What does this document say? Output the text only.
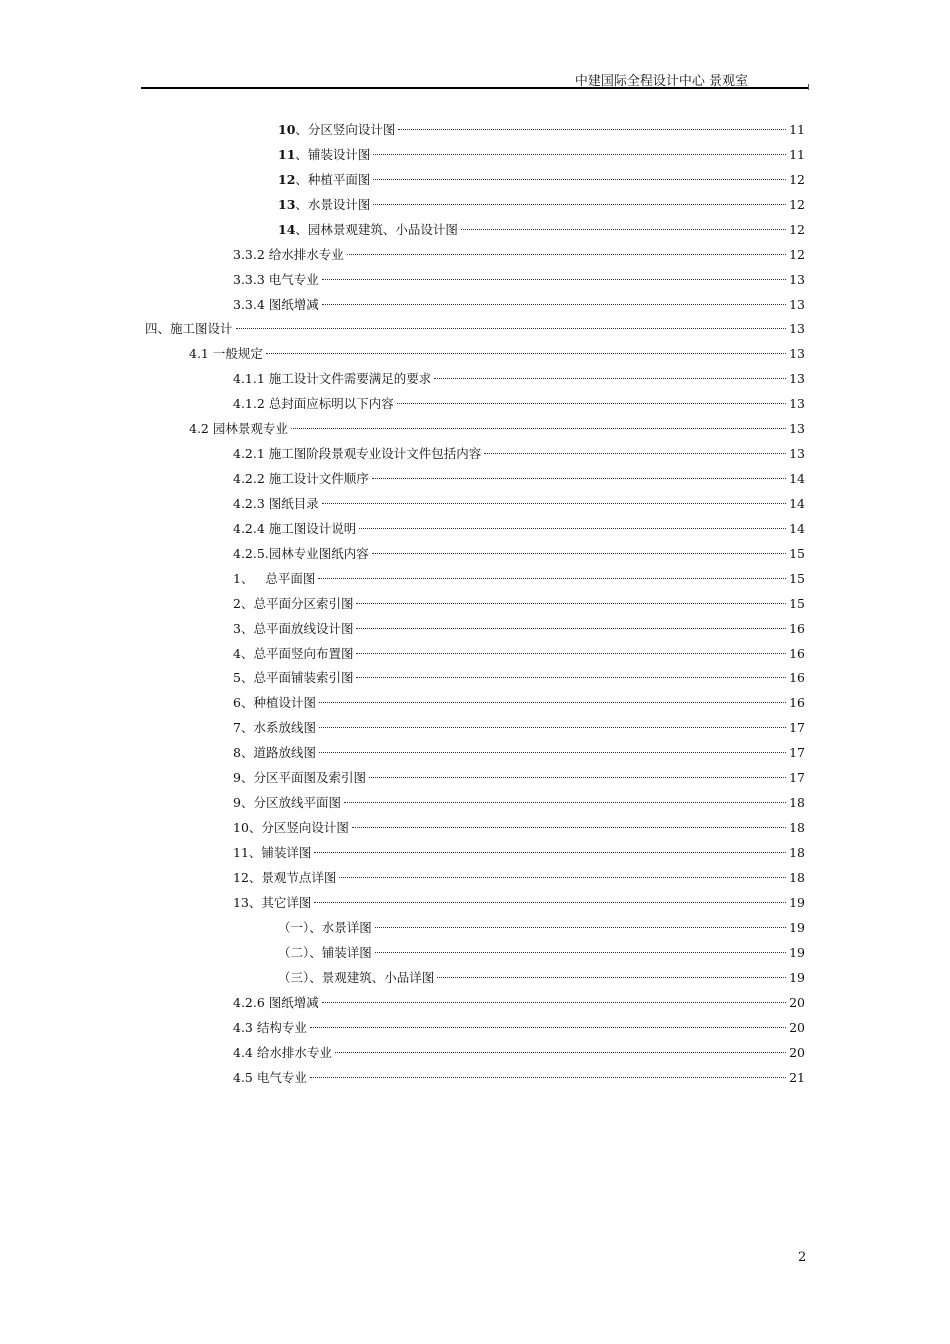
中建国际全程设计中心 景观室
10、分区竖向设计图	11
11、铺装设计图	11
12、种植平面图	12
13、水景设计图	12
14、园林景观建筑、小品设计图	12
3.3.2 给水排水专业	12
3.3.3 电气专业	13
3.3.4 图纸增减	13
四、施工图设计	13
4.1 一般规定	13
4.1.1 施工设计文件需要满足的要求	13
4.1.2 总封面应标明以下内容	13
4.2 园林景观专业	13
4.2.1 施工图阶段景观专业设计文件包括内容	13
4.2.2 施工设计文件顺序	14
4.2.3 图纸目录	14
4.2.4 施工图设计说明	14
4.2.5.园林专业图纸内容	15
1、   总平面图	15
2、总平面分区索引图	15
3、总平面放线设计图	16
4、总平面竖向布置图	16
5、总平面铺装索引图	16
6、种植设计图	16
7、水系放线图	17
8、道路放线图	17
9、分区平面图及索引图	17
9、分区放线平面图	18
10、分区竖向设计图	18
11、铺装详图	18
12、景观节点详图	18
13、其它详图	19
（一）、水景详图	19
（二）、铺装详图	19
（三）、景观建筑、小品详图	19
4.2.6 图纸增减	20
4.3 结构专业	20
4.4 给水排水专业	20
4.5 电气专业	21
2
